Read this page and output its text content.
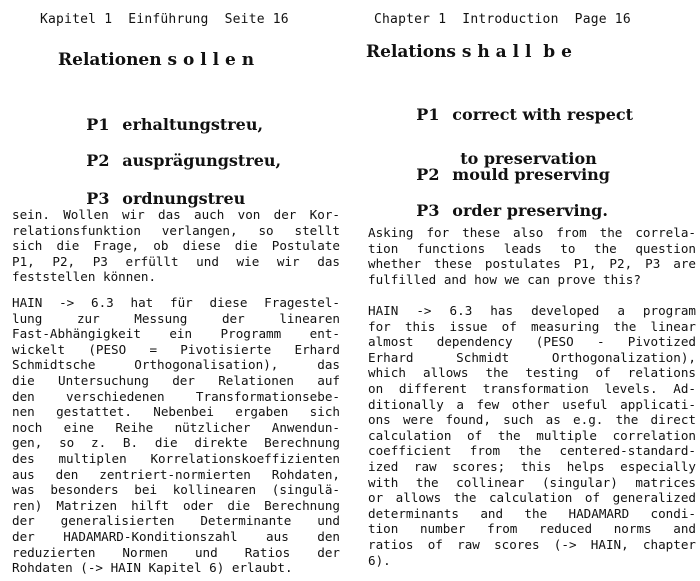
Kapitel 1  Einführung  Seite 16
Relationen s o l l e n

P1 erhaltungstreu,

P2 ausprägungstreu,

P3 ordnungstreu

sein. Wollen wir das auch von der Kor-
relationsfunktion verlangen, so stellt
sich die Frage, ob diese die Postulate
P1, P2, P3 erfüllt und wie wir das
feststellen können.
HAIN -> 6.3 hat für diese Fragestel-
lung zur Messung der linearen
Fast-Abhängigkeit ein Programm ent-
wickelt (PESO = Pivotisierte Erhard
Schmidtsche Orthogonalisation), das
die Untersuchung der Relationen auf
den verschiedenen Transformationsebe-
nen gestattet. Nebenbei ergaben sich
noch eine Reihe nützlicher Anwendun-
gen, so z. B. die direkte Berechnung
des multiplen Korrelationskoeffizienten
aus den zentriert-normierten Rohdaten,
was besonders bei kollinearen (singulä-
ren) Matrizen hilft oder die Berechnung
der generalisierten Determinante und
der HADAMARD-Konditionszahl aus den
reduzierten Normen und Ratios der
Rohdaten (-> HAIN Kapitel 6) erlaubt.
Chapter 1  Introduction  Page 16
Relations s h a l l  b e

P1 correct with respect

to preservation

P2 mould preserving

P3 order preserving.

Asking for these also from the correla-
tion functions leads to the question
whether these postulates P1, P2, P3 are
fulfilled and how we can prove this?
HAIN -> 6.3 has developed a program
for this issue of measuring the linear
almost dependency (PESO - Pivotized
Erhard Schmidt Orthogonalization),
which allows the testing of relations
on different transformation levels. Ad-
ditionally a few other useful applicati-
ons were found, such as e.g. the direct
calculation of the multiple correlation
coefficient from the centered-standard-
ized raw scores; this helps especially
with the collinear (singular) matrices
or allows the calculation of generalized
determinants and the HADAMARD condi-
tion number from reduced norms and
ratios of raw scores (-> HAIN, chapter
6).
